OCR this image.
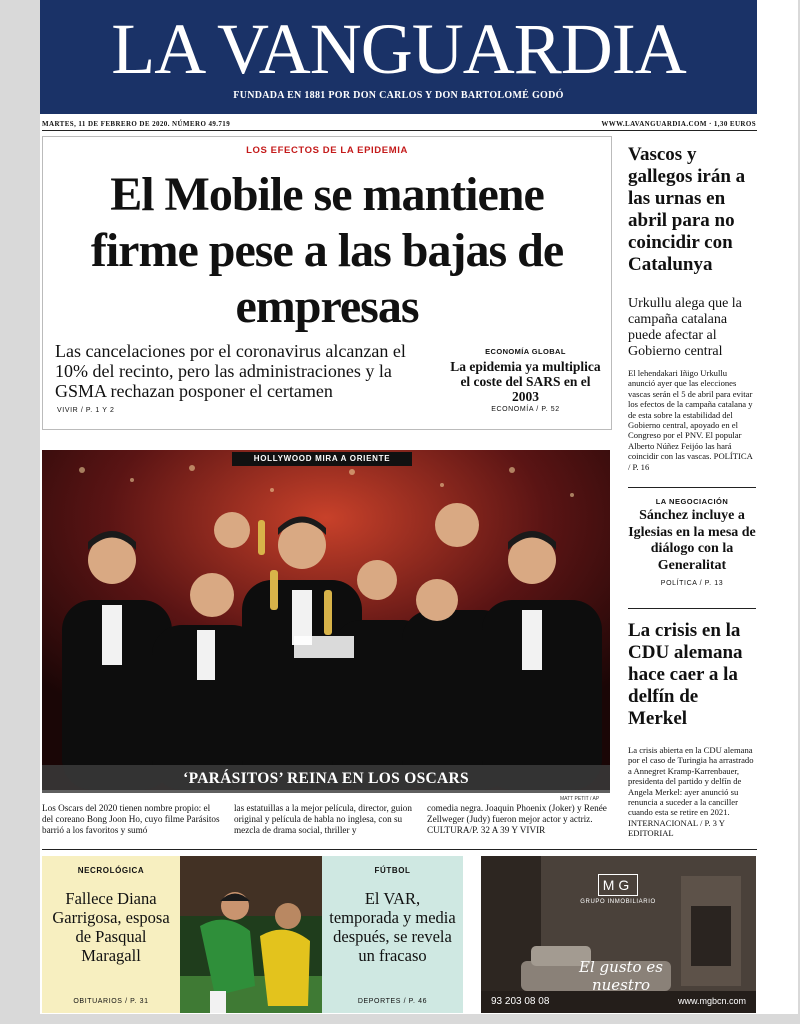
LA VANGUARDIA
FUNDADA EN 1881 POR DON CARLOS Y DON BARTOLOMÉ GODÓ
MARTES, 11 DE FEBRERO DE 2020. NÚMERO 49.719	WWW.LAVANGUARDIA.COM · 1,30 EUROS
LOS EFECTOS DE LA EPIDEMIA
El Mobile se mantiene firme pese a las bajas de empresas
Las cancelaciones por el coronavirus alcanzan el 10% del recinto, pero las administraciones y la GSMA rechazan posponer el certamen
VIVIR / P. 1 Y 2
ECONOMÍA GLOBAL
La epidemia ya multiplica el coste del SARS en el 2003
ECONOMÍA / P. 52
Vascos y gallegos irán a las urnas en abril para no coincidir con Catalunya
Urkullu alega que la campaña catalana puede afectar al Gobierno central
El lehendakari Iñigo Urkullu anunció ayer que las elecciones vascas serán el 5 de abril para evitar los efectos de la campaña catalana y de esta sobre la estabilidad del Gobierno central, apoyado en el Congreso por el PNV. El popular Alberto Núñez Feijóo las hará coincidir con las vascas. POLÍTICA / P. 16
LA NEGOCIACIÓN
Sánchez incluye a Iglesias en la mesa de diálogo con la Generalitat
POLÍTICA / P. 13
La crisis en la CDU alemana hace caer a la delfín de Merkel
La crisis abierta en la CDU alemana por el caso de Turingia ha arrastrado a Annegret Kramp-Karrenbauer, presidenta del partido y delfín de Angela Merkel: ayer anunció su renuncia a suceder a la canciller cuando esta se retire en 2021. INTERNACIONAL / P. 3 Y EDITORIAL
HOLLYWOOD MIRA A ORIENTE
‘PARÁSITOS’ REINA EN LOS OSCARS
MATT PETIT / AP
Los Oscars del 2020 tienen nombre propio: el del coreano Bong Joon Ho, cuyo filme Parásitos barrió a los favoritos y sumó
las estatuillas a la mejor película, director, guion original y película de habla no inglesa, con su mezcla de drama social, thriller y
comedia negra. Joaquin Phoenix (Joker) y Renée Zellweger (Judy) fueron mejor actor y actriz. CULTURA/P. 32 A 39 Y VIVIR
NECROLÓGICA
Fallece Diana Garrigosa, esposa de Pasqual Maragall
OBITUARIOS / P. 31
FÚTBOL
El VAR, temporada y media después, se revela un fracaso
DEPORTES / P. 46
MG
GRUPO INMOBILIARIO
El gusto es nuestro
93 203 08 08	www.mgbcn.com
